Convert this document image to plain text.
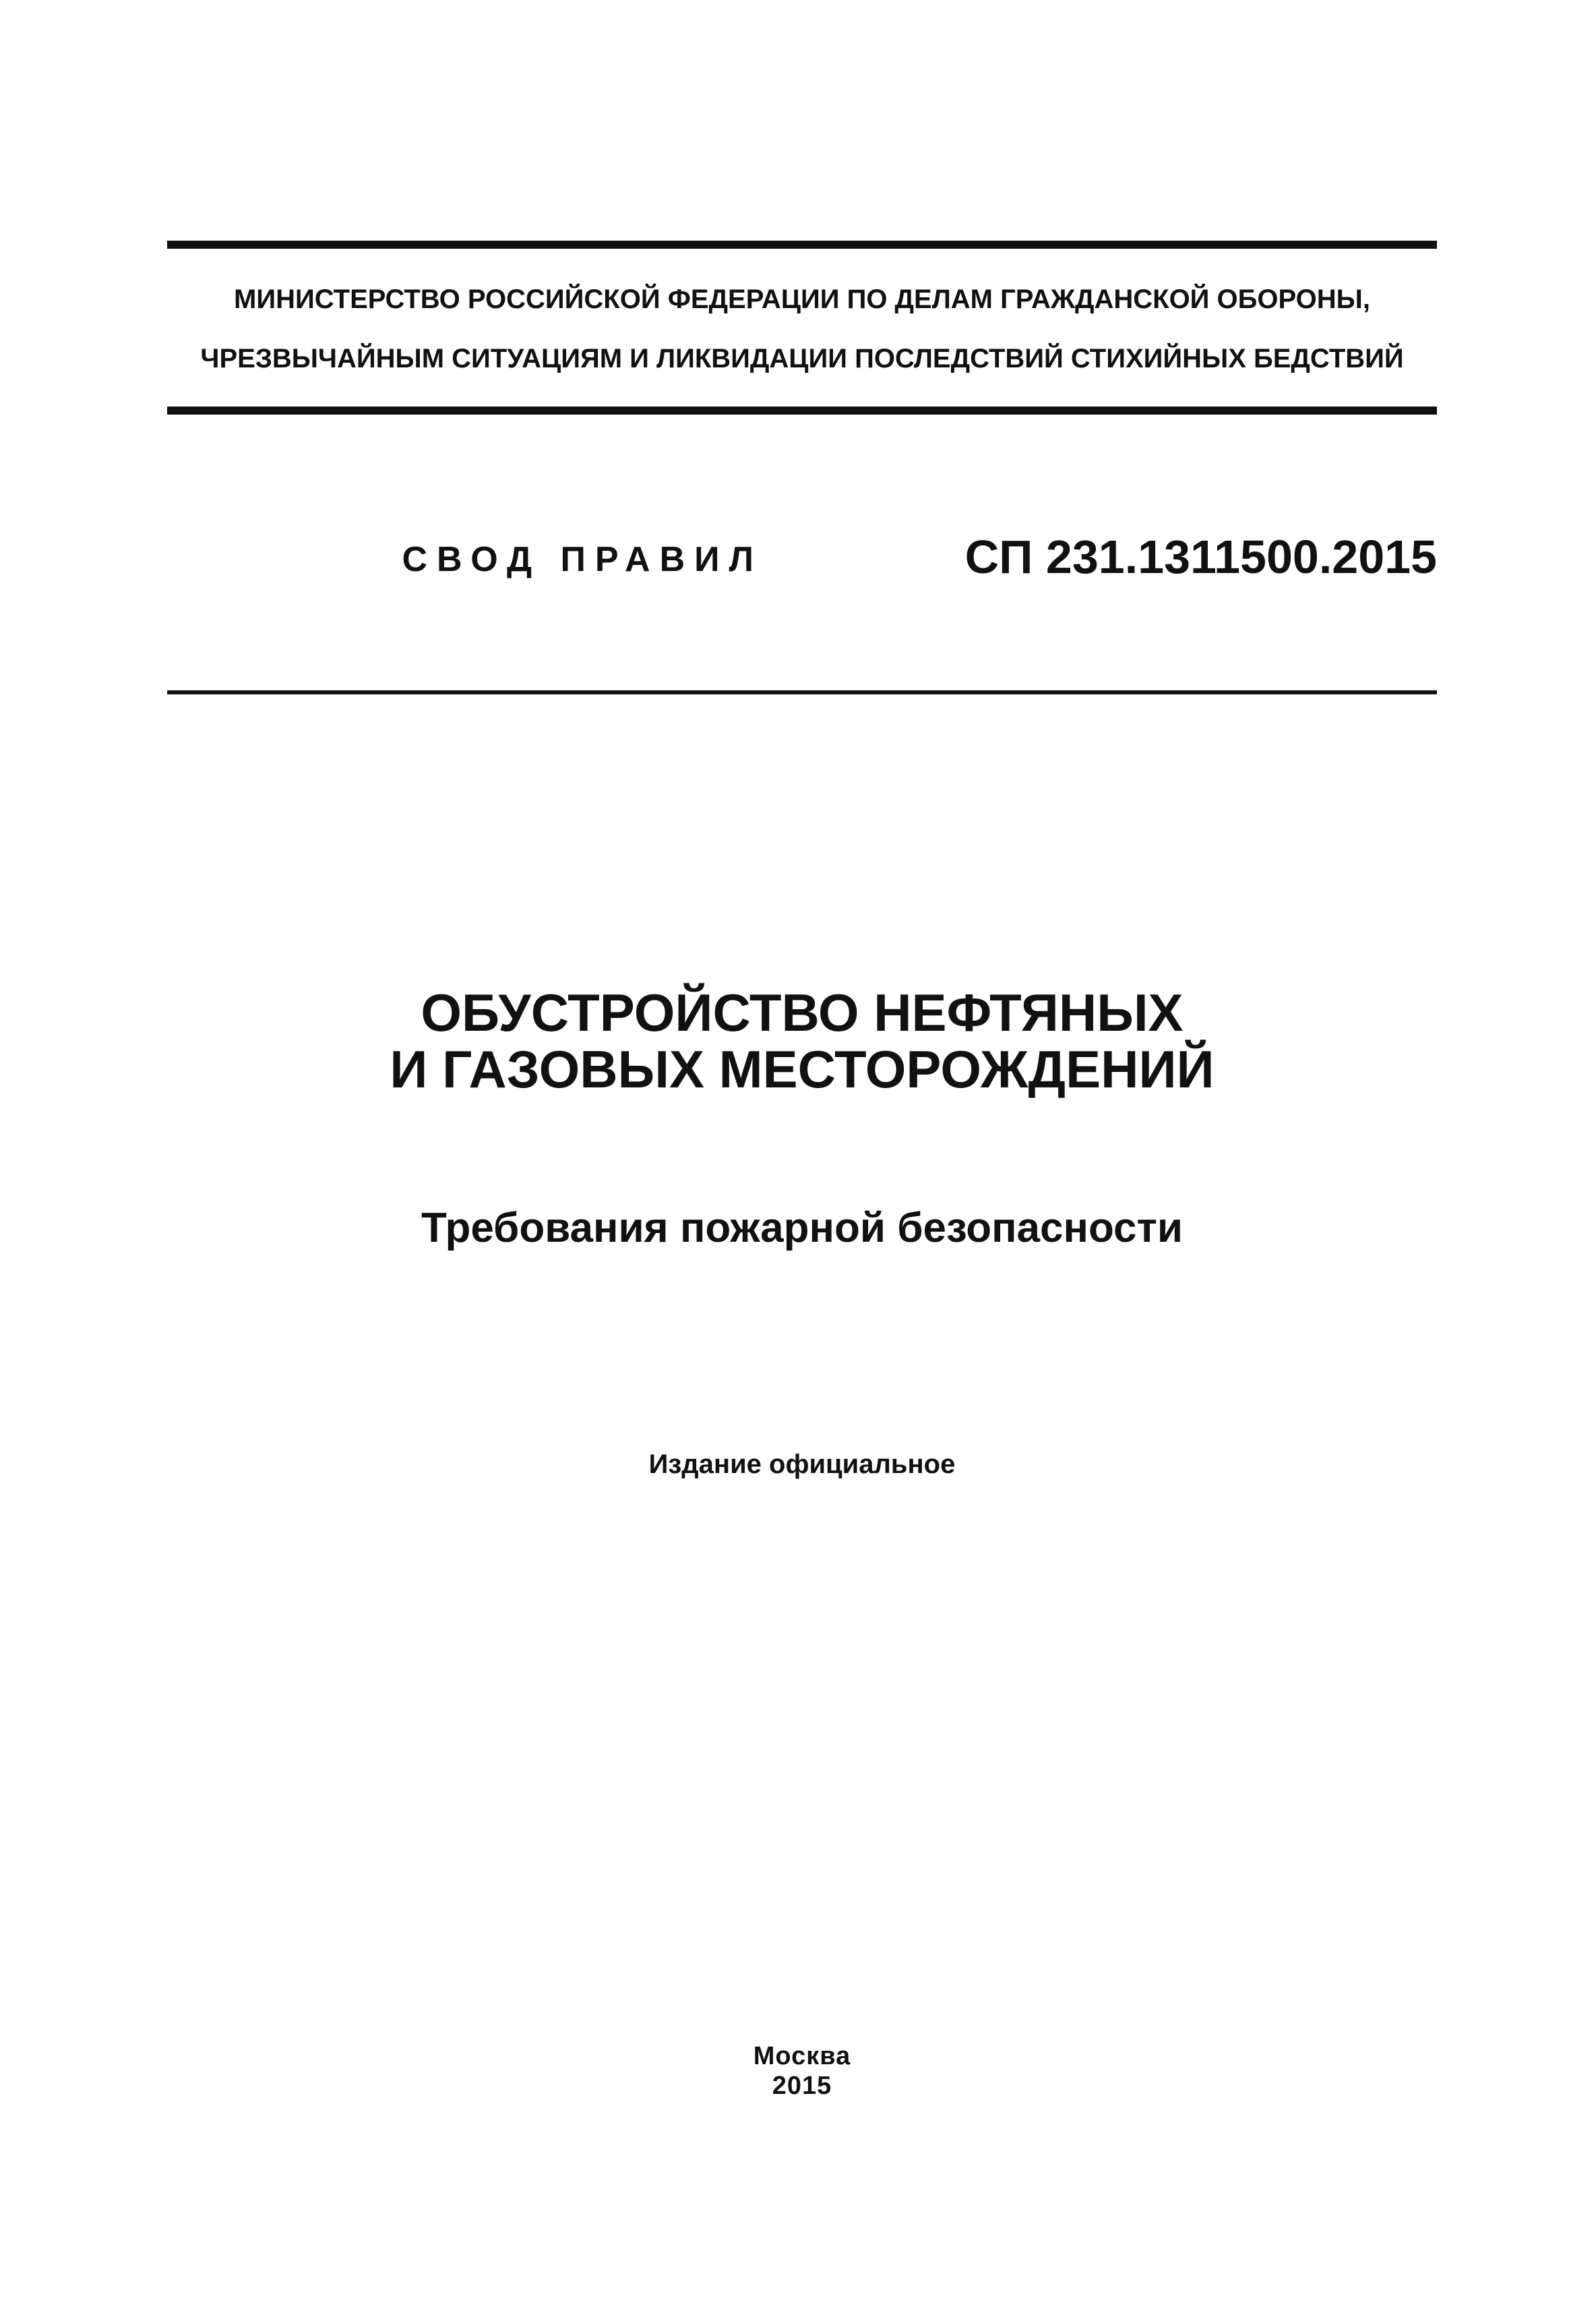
МИНИСТЕРСТВО РОССИЙСКОЙ ФЕДЕРАЦИИ ПО ДЕЛАМ ГРАЖДАНСКОЙ ОБОРОНЫ,
ЧРЕЗВЫЧАЙНЫМ СИТУАЦИЯМ И ЛИКВИДАЦИИ ПОСЛЕДСТВИЙ СТИХИЙНЫХ БЕДСТВИЙ
СВОД ПРАВИЛ	СП 231.1311500.2015
ОБУСТРОЙСТВО НЕФТЯНЫХ
И ГАЗОВЫХ МЕСТОРОЖДЕНИЙ
Требования пожарной безопасности
Издание официальное
Москва
2015
